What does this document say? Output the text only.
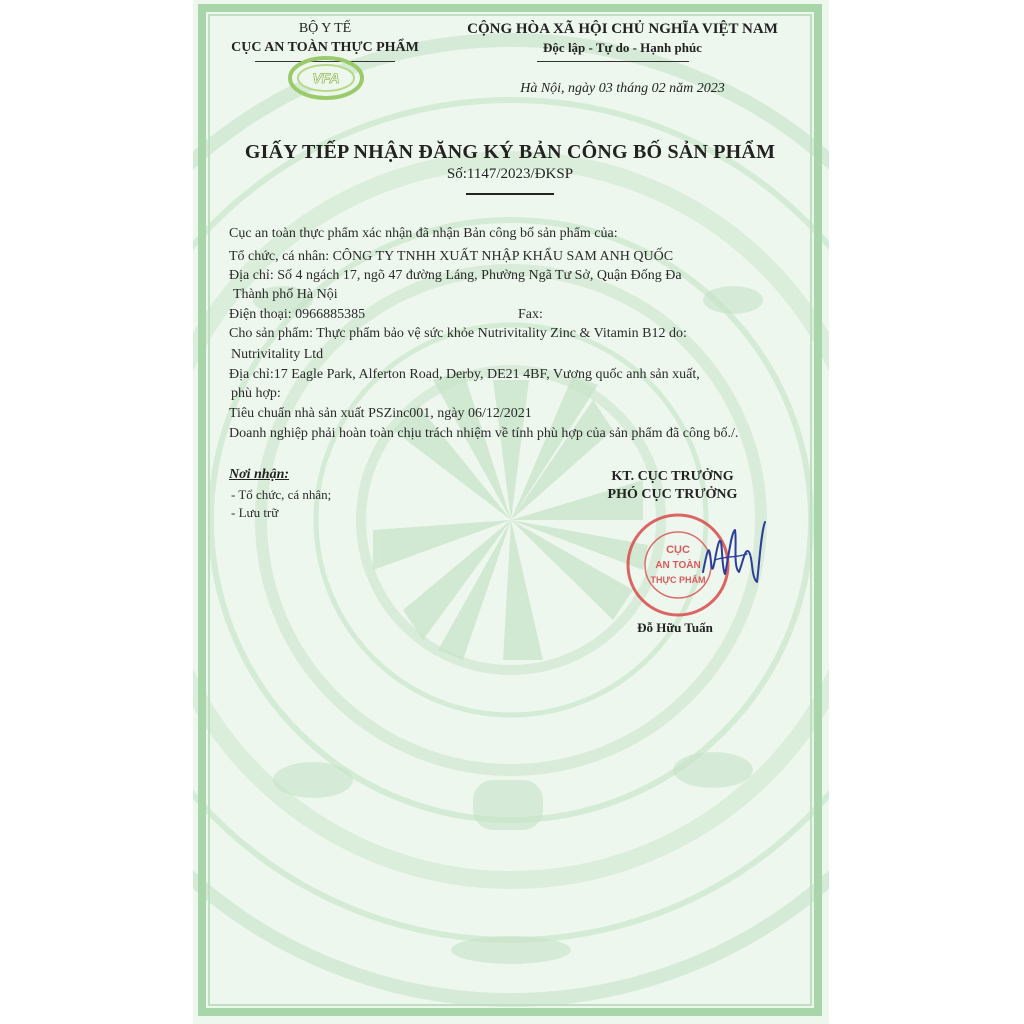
BỘ Y TẾ
CỤC AN TOÀN THỰC PHẨM
VFA
CỘNG HÒA XÃ HỘI CHỦ NGHĨA VIỆT NAM
Độc lập - Tự do - Hạnh phúc
Hà Nội, ngày 03 tháng 02 năm 2023
GIẤY TIẾP NHẬN ĐĂNG KÝ BẢN CÔNG BỐ SẢN PHẨM
Số:1147/2023/ĐKSP
Cục an toàn thực phẩm xác nhận đã nhận Bản công bố sản phẩm của:
Tổ chức, cá nhân: CÔNG TY TNHH XUẤT NHẬP KHẨU SAM ANH QUỐC
Địa chỉ: Số 4 ngách 17, ngõ 47 đường Láng, Phường Ngã Tư Sở, Quận Đống Đa
Thành phố Hà Nội
Điện thoại: 0966885385	Fax:
Cho sản phẩm: Thực phẩm bảo vệ sức khỏe Nutrivitality Zinc & Vitamin B12 do:
Nutrivitality Ltd
Địa chỉ:17 Eagle Park, Alferton Road, Derby, DE21 4BF, Vương quốc anh sản xuất,
phù hợp:
Tiêu chuẩn nhà sản xuất PSZinc001, ngày 06/12/2021
Doanh nghiệp phải hoàn toàn chịu trách nhiệm về tính phù hợp của sản phẩm đã công bố./.
Nơi nhận:
- Tổ chức, cá nhân;
- Lưu trữ
KT. CỤC TRƯỞNG
PHÓ CỤC TRƯỞNG
CỤC
AN TOÀN
THỰC PHẨM
Đỗ Hữu Tuấn
